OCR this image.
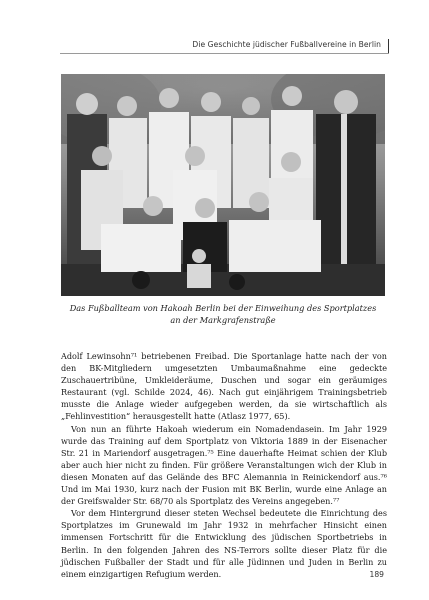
Die Geschichte jüdischer Fußballvereine in Berlin
Das Fußballteam von Hakoah Berlin bei der Einweihung des Sportplatzes
an der Markgrafenstraße

Adolf Lewinsohn⁷¹ betriebenen Freibad. Die Sportanlage hatte nach der von den BK-Mitgliedern umgesetzten Umbaumaßnahme eine gedeckte Zuschauertribüne, Umkleideräume, Duschen und sogar ein geräumiges Restaurant (vgl. Schilde 2024, 46). Nach gut einjährigem Trainingsbetrieb musste die Anlage wieder aufgegeben werden, da sie wirtschaftlich als „Fehlinvestition“ herausgestellt hatte (Atlasz 1977, 65).

Von nun an führte Hakoah wiederum ein Nomadendasein. Im Jahr 1929 wurde das Training auf dem Sportplatz von Viktoria 1889 in der Eisenacher Str. 21 in Mariendorf ausgetragen.⁷⁵ Eine dauerhafte Heimat schien der Klub aber auch hier nicht zu finden. Für größere Veranstaltungen wich der Klub in diesen Monaten auf das Gelände des BFC Alemannia in Reinickendorf aus.⁷⁶ Und im Mai 1930, kurz nach der Fusion mit BK Berlin, wurde eine Anlage an der Greifswalder Str. 68/70 als Sportplatz des Vereins angegeben.⁷⁷

Vor dem Hintergrund dieser steten Wechsel bedeutete die Einrichtung des Sportplatzes im Grunewald im Jahr 1932 in mehrfacher Hinsicht einen immensen Fortschritt für die Entwicklung des jüdischen Sportbetriebs in Berlin. In den folgenden Jahren des NS-Terrors sollte dieser Platz für die jüdischen Fußballer der Stadt und für alle Jüdinnen und Juden in Berlin zu einem einzigartigen Refugium werden.	189
